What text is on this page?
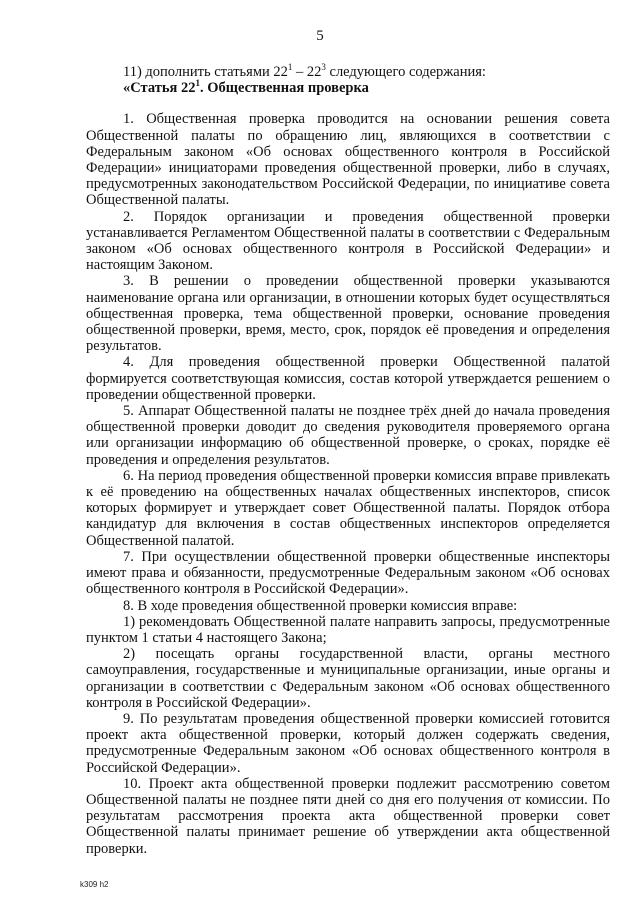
5

11) дополнить статьями $22^1 - 22^3$ следующего содержания:

«Статья $22^1$. Общественная проверка

1. Общественная проверка проводится на основании решения совета Общественной палаты по обращению лиц, являющихся в соответствии с Федеральным законом «Об основах общественного контроля в Российской Федерации» инициаторами проведения общественной проверки, либо в случаях, предусмотренных законодательством Российской Федерации, по инициативе совета Общественной палаты.

2. Порядок организации и проведения общественной проверки устанавливается Регламентом Общественной палаты в соответствии с Федеральным законом «Об основах общественного контроля в Российской Федерации» и настоящим Законом.

3. В решении о проведении общественной проверки указываются наименование органа или организации, в отношении которых будет осуществляться общественная проверка, тема общественной проверки, основание проведения общественной проверки, время, место, срок, порядок её проведения и определения результатов.

4. Для проведения общественной проверки Общественной палатой формируется соответствующая комиссия, состав которой утверждается решением о проведении общественной проверки.

5. Аппарат Общественной палаты не позднее трёх дней до начала проведения общественной проверки доводит до сведения руководителя проверяемого органа или организации информацию об общественной проверке, о сроках, порядке её проведения и определения результатов.

6. На период проведения общественной проверки комиссия вправе привлекать к её проведению на общественных началах общественных инспекторов, список которых формирует и утверждает совет Общественной палаты. Порядок отбора кандидатур для включения в состав общественных инспекторов определяется Общественной палатой.

7. При осуществлении общественной проверки общественные инспекторы имеют права и обязанности, предусмотренные Федеральным законом «Об основах общественного контроля в Российской Федерации».

8. В ходе проведения общественной проверки комиссия вправе:

1) рекомендовать Общественной палате направить запросы, предусмотренные пунктом 1 статьи 4 настоящего Закона;

2) посещать органы государственной власти, органы местного самоуправления, государственные и муниципальные организации, иные органы и организации в соответствии с Федеральным законом «Об основах общественного контроля в Российской Федерации».

9. По результатам проведения общественной проверки комиссией готовится проект акта общественной проверки, который должен содержать сведения, предусмотренные Федеральным законом «Об основах общественного контроля в Российской Федерации».

10. Проект акта общественной проверки подлежит рассмотрению советом Общественной палаты не позднее пяти дней со дня его получения от комиссии. По результатам рассмотрения проекта акта общественной проверки совет Общественной палаты принимает решение об утверждении акта общественной проверки.

k309 h2
